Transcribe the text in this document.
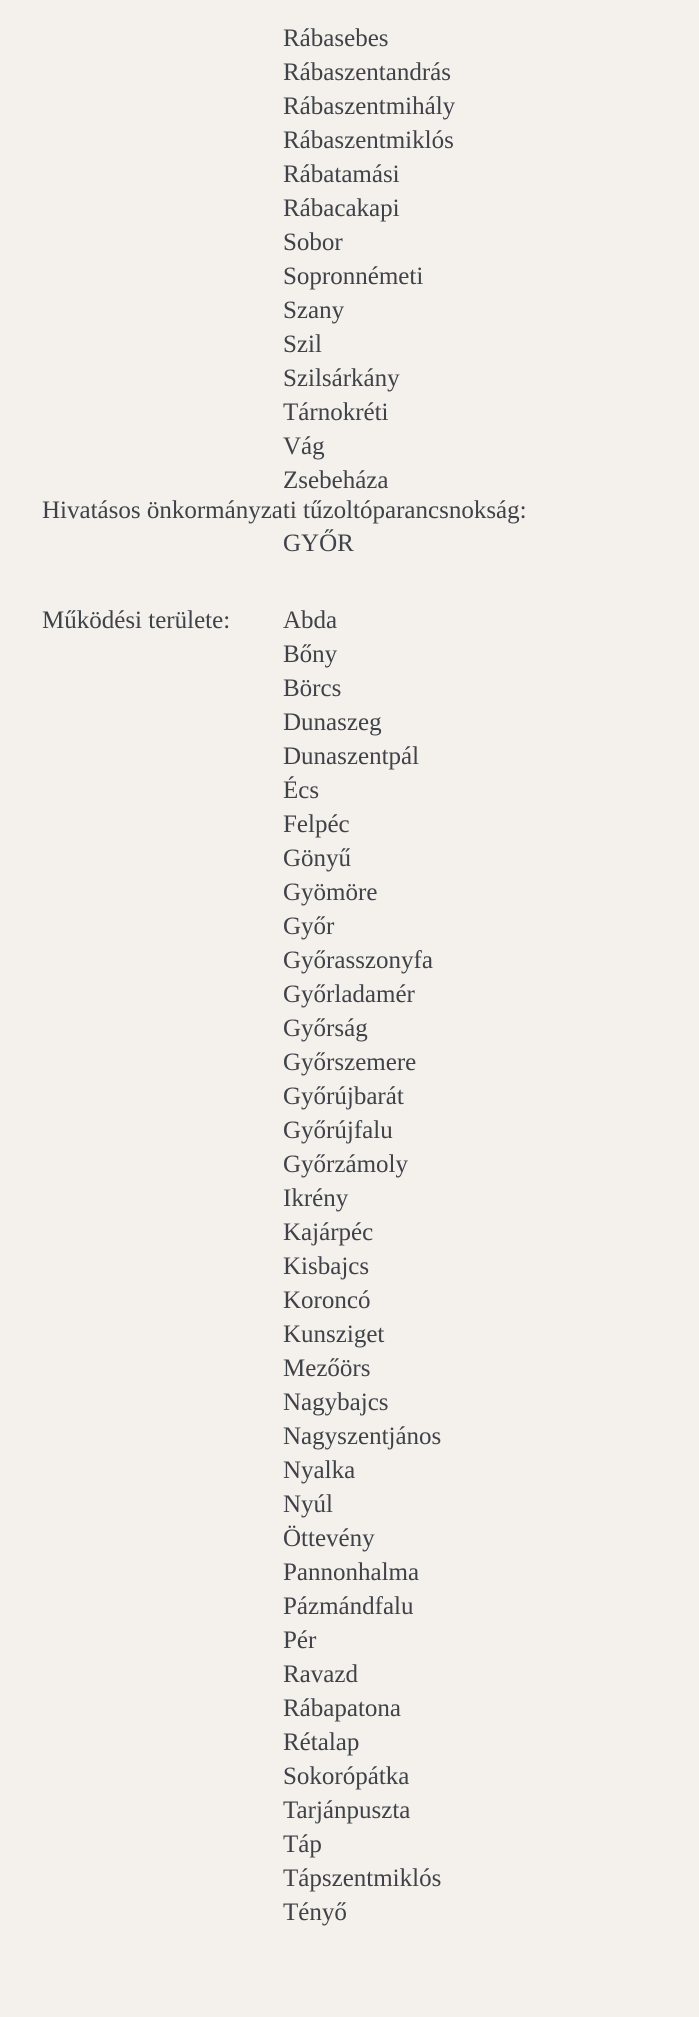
Rábasebes
Rábaszentandrás
Rábaszentmihály
Rábaszentmiklós
Rábatamási
Rábacakapi
Sobor
Sopronnémeti
Szany
Szil
Szilsárkány
Tárnokréti
Vág
Zsebeháza
Hivatásos önkormányzati tűzoltóparancsnokság:
GYŐR
Működési területe: Abda
Bőny
Börcs
Dunaszeg
Dunaszentpál
Écs
Felpéc
Gönyű
Gyömöre
Győr
Győrasszonyfa
Győrladamér
Győrság
Győrszemere
Győrújbarát
Győrújfalu
Győrzámoly
Ikrény
Kajárpéc
Kisbajcs
Koroncó
Kunsziget
Mezőörs
Nagybajcs
Nagyszentjános
Nyalka
Nyúl
Öttevény
Pannonhalma
Pázmándfalu
Pér
Ravazd
Rábapatona
Rétalap
Sokorópátka
Tarjánpuszta
Táp
Tápszentmiklós
Tényő
